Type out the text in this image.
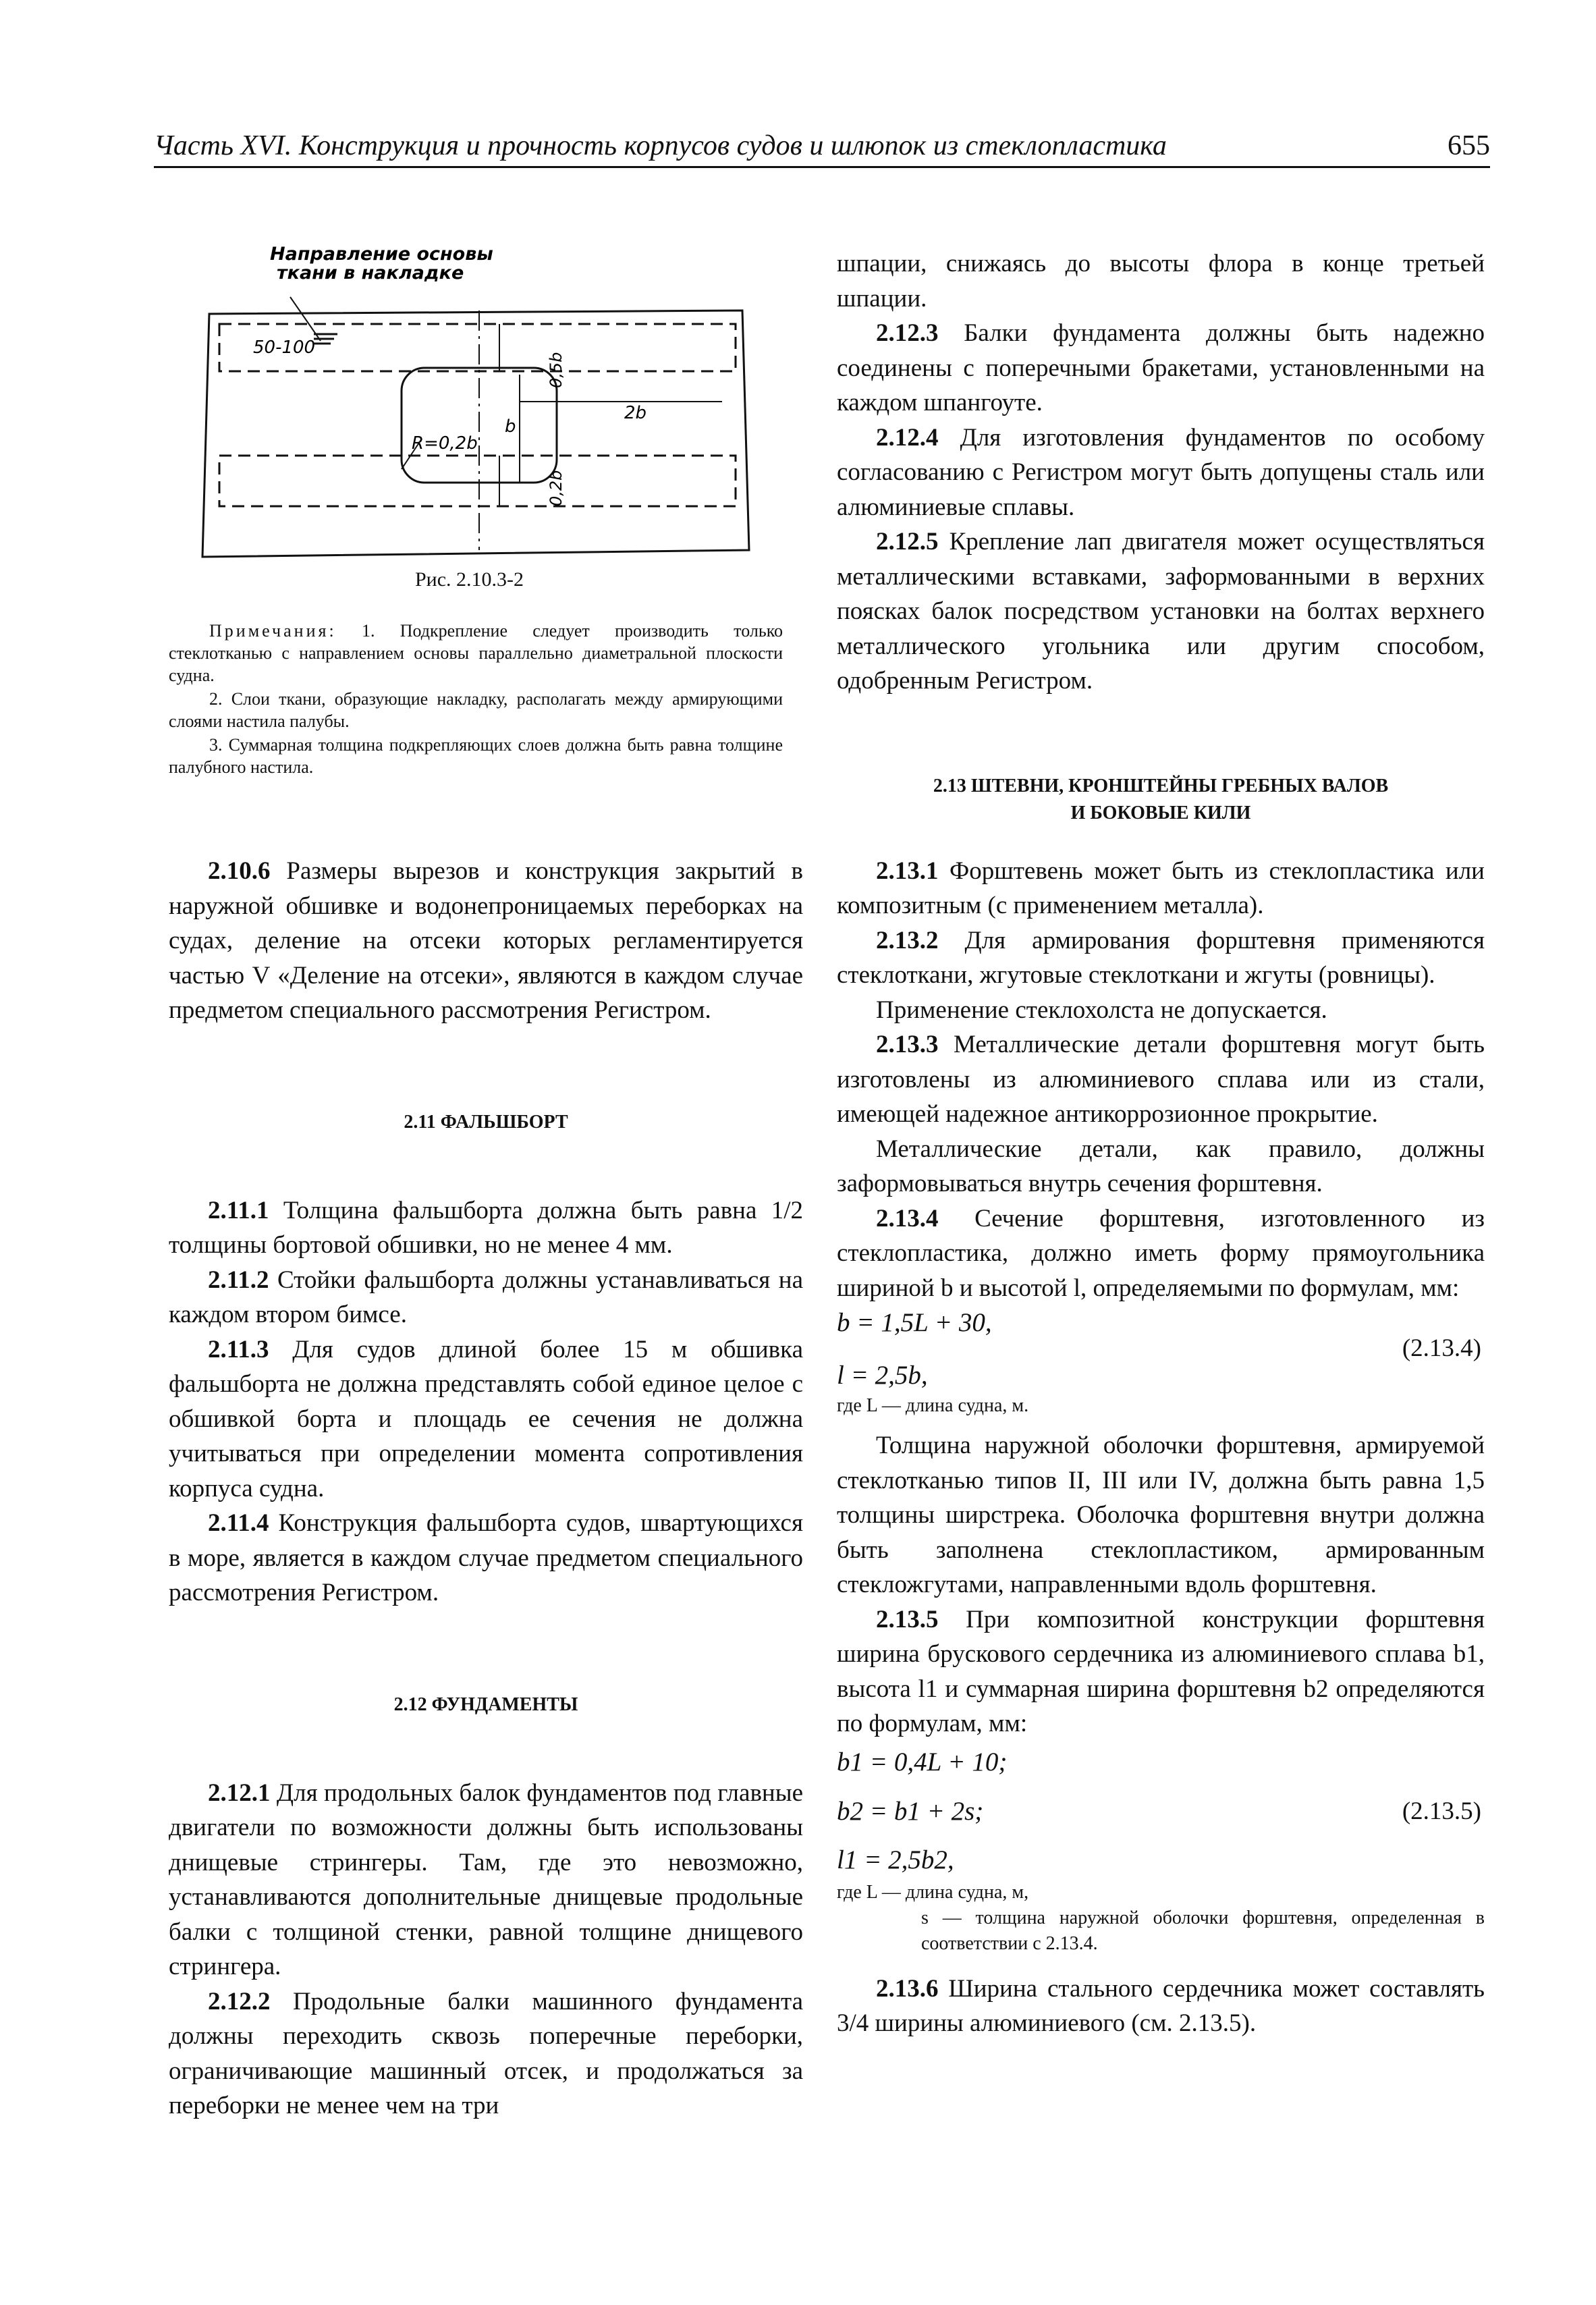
Часть XVI. Конструкция и прочность корпусов судов и шлюпок из стеклопластика	655
Направление основы
ткани в накладке
50-100
2b
b
R=0,2b
0,5b
0,2b
Рис. 2.10.3-2

Примечания: 1. Подкрепление следует производить только стеклотканью с направлением основы параллельно диаметральной плоскости судна.

2. Слои ткани, образующие накладку, располагать между армирующими слоями настила палубы.

3. Суммарная толщина подкрепляющих слоев должна быть равна толщине палубного настила.

2.10.6 Размеры вырезов и конструкция закрытий в наружной обшивке и водонепроницаемых переборках на судах, деление на отсеки которых регламентируется частью V «Деление на отсеки», являются в каждом случае предметом специального рассмотрения Регистром.

2.11 ФАЛЬШБОРТ

2.11.1 Толщина фальшборта должна быть равна 1/2 толщины бортовой обшивки, но не менее 4 мм.

2.11.2 Стойки фальшборта должны устанавливаться на каждом втором бимсе.

2.11.3 Для судов длиной более 15 м обшивка фальшборта не должна представлять собой единое целое с обшивкой борта и площадь ее сечения не должна учитываться при определении момента сопротивления корпуса судна.

2.11.4 Конструкция фальшборта судов, швартующихся в море, является в каждом случае предметом специального рассмотрения Регистром.

2.12 ФУНДАМЕНТЫ

2.12.1 Для продольных балок фундаментов под главные двигатели по возможности должны быть использованы днищевые стрингеры. Там, где это невозможно, устанавливаются дополнительные днищевые продольные балки с толщиной стенки, равной толщине днищевого стрингера.

2.12.2 Продольные балки машинного фундамента должны переходить сквозь поперечные переборки, ограничивающие машинный отсек, и продолжаться за переборки не менее чем на три

шпации, снижаясь до высоты флора в конце третьей шпации.

2.12.3 Балки фундамента должны быть надежно соединены с поперечными бракетами, установленными на каждом шпангоуте.

2.12.4 Для изготовления фундаментов по особому согласованию с Регистром могут быть допущены сталь или алюминиевые сплавы.

2.12.5 Крепление лап двигателя может осуществляться металлическими вставками, заформованными в верхних поясках балок посредством установки на болтах верхнего металлического угольника или другим способом, одобренным Регистром.

2.13 ШТЕВНИ, КРОНШТЕЙНЫ ГРЕБНЫХ ВАЛОВ
И БОКОВЫЕ КИЛИ

2.13.1 Форштевень может быть из стеклопластика или композитным (с применением металла).

2.13.2 Для армирования форштевня применяются стеклоткани, жгутовые стеклоткани и жгуты (ровницы).

Применение стеклохолста не допускается.

2.13.3 Металлические детали форштевня могут быть изготовлены из алюминиевого сплава или из стали, имеющей надежное антикоррозионное прокрытие.

Металлические детали, как правило, должны заформовываться внутрь сечения форштевня.

2.13.4 Сечение форштевня, изготовленного из стеклопластика, должно иметь форму прямоугольника шириной b и высотой l, определяемыми по формулам, мм:

b = 1,5L + 30,
l = 2,5b,
(2.13.4)
где L — длина судна, м.

Толщина наружной оболочки форштевня, армируемой стеклотканью типов II, III или IV, должна быть равна 1,5 толщины ширстрека. Оболочка форштевня внутри должна быть заполнена стеклопластиком, армированным стекложгутами, направленными вдоль форштевня.

2.13.5 При композитной конструкции форштевня ширина брускового сердечника из алюминиевого сплава b1, высота l1 и суммарная ширина форштевня b2 определяются по формулам, мм:

b1 = 0,4L + 10;
b2 = b1 + 2s;
l1 = 2,5b2,
(2.13.5)
где L — длина судна, м,
s — толщина наружной оболочки форштевня, определенная в соответствии с 2.13.4.

2.13.6 Ширина стального сердечника может составлять 3/4 ширины алюминиевого (см. 2.13.5).
